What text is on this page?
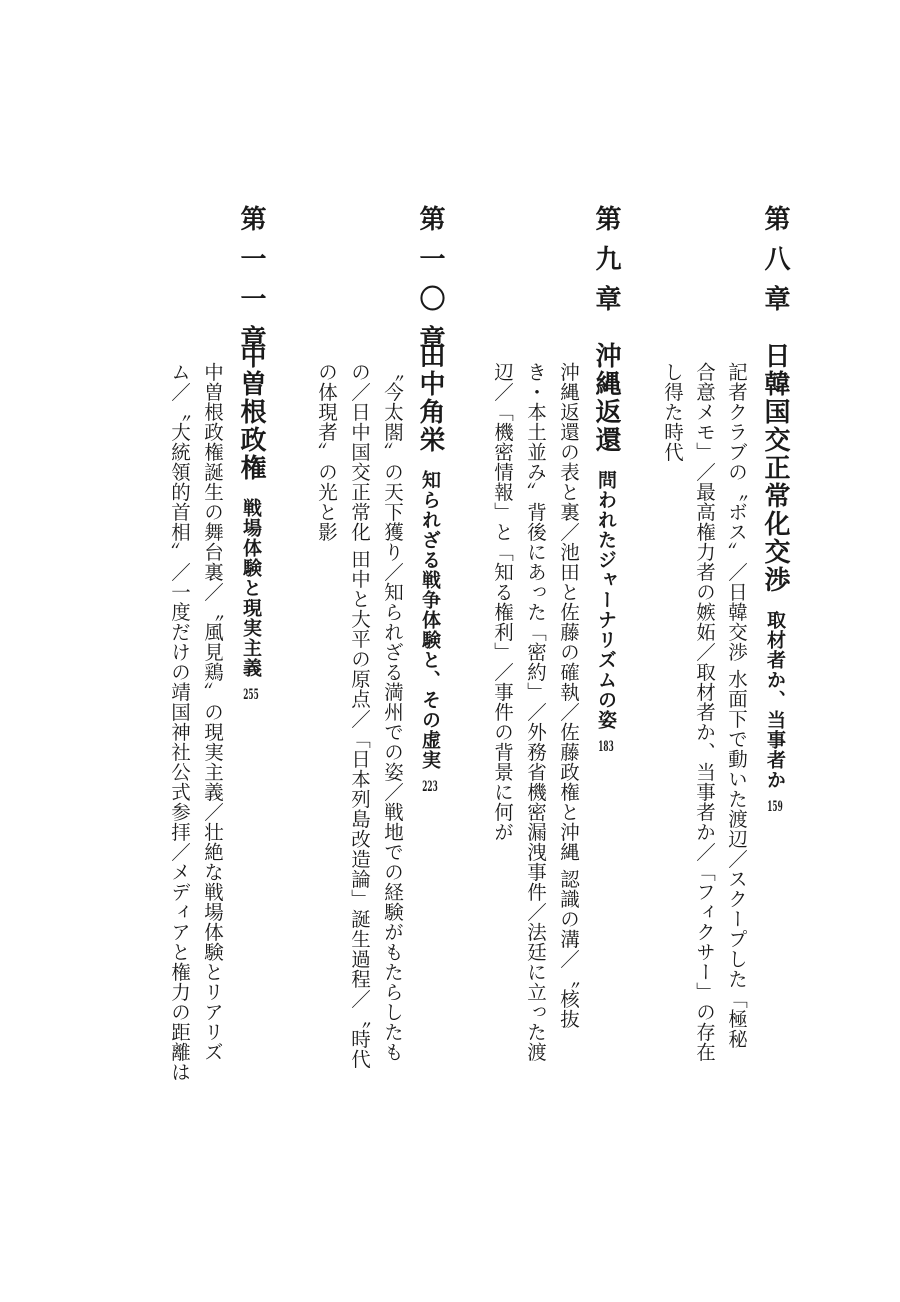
第八章
日韓国交正常化交渉取材者か、当事者か159
記者クラブの〝ボス〟／日韓交渉 水面下で動いた渡辺／スクープした「極秘
合意メモ」／最高権力者の嫉妬／取材者か、当事者か／「フィクサー」の存在
し得た時代
第九章
沖縄返還問われたジャーナリズムの姿183
沖縄返還の表と裏／池田と佐藤の確執／佐藤政権と沖縄 認識の溝／〝核抜
き・本土並み〟背後にあった「密約」／外務省機密漏洩事件／法廷に立った渡
辺／「機密情報」と「知る権利」／事件の背景に何が
第一〇章
田中角栄知られざる戦争体験と、その虚実223
〝今太閤〟の天下獲り／知られざる満州での姿／戦地での経験がもたらしたも
の／日中国交正常化 田中と大平の原点／「日本列島改造論」誕生過程／〝時代
の体現者〟の光と影
第一一章
中曽根政権戦場体験と現実主義255
中曽根政権誕生の舞台裏／〝風見鶏〟の現実主義／壮絶な戦場体験とリアリズ
ム／〝大統領的首相〟／一度だけの靖国神社公式参拝／メディアと権力の距離は
